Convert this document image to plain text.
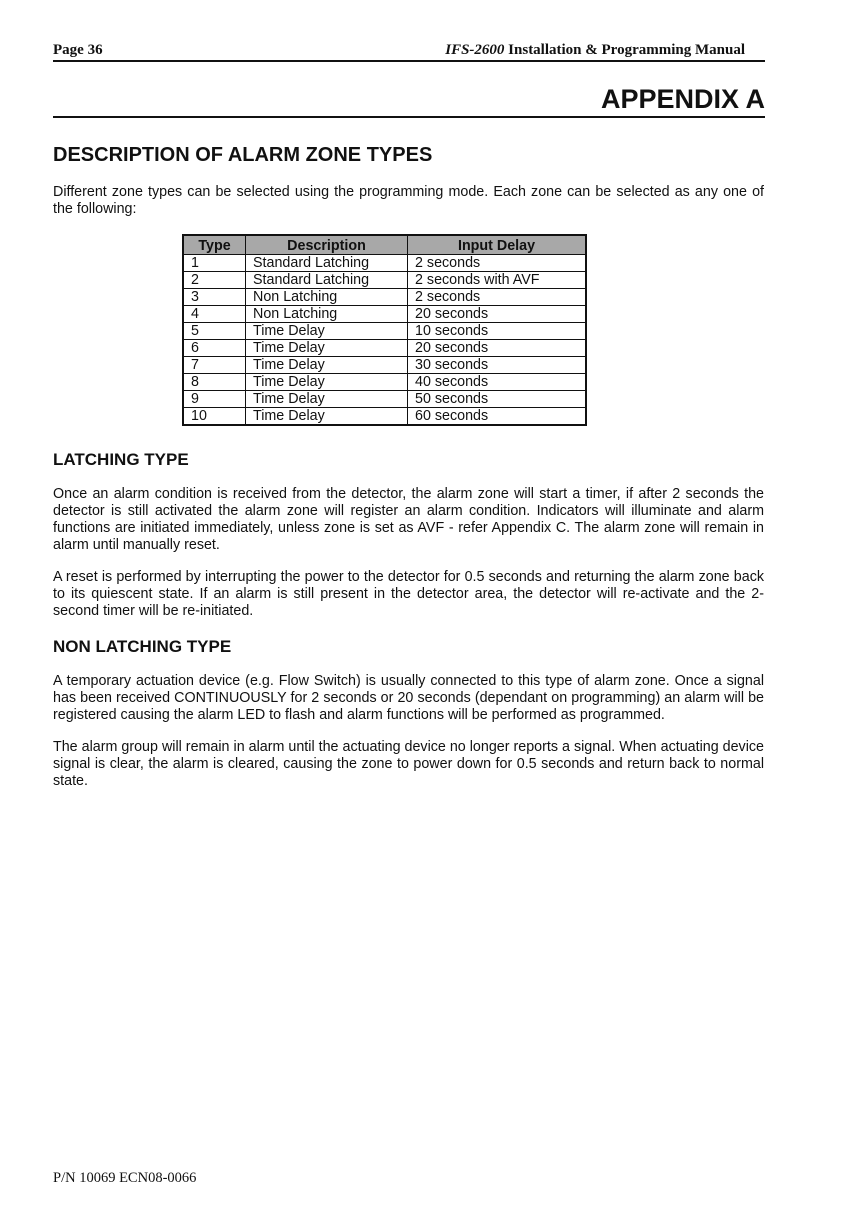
Page 36	IFS-2600 Installation & Programming Manual
APPENDIX A
DESCRIPTION OF ALARM ZONE TYPES

Different zone types can be selected using the programming mode. Each zone can be selected as any one of the following:

Type	Description	Input Delay
1	Standard Latching	2 seconds
2	Standard Latching	2 seconds with AVF
3	Non Latching	2 seconds
4	Non Latching	20 seconds
5	Time Delay	10 seconds
6	Time Delay	20 seconds
7	Time Delay	30 seconds
8	Time Delay	40 seconds
9	Time Delay	50 seconds
10	Time Delay	60 seconds
LATCHING TYPE

Once an alarm condition is received from the detector, the alarm zone will start a timer, if after 2 seconds the detector is still activated the alarm zone will register an alarm condition. Indicators will illuminate and alarm functions are initiated immediately, unless zone is set as AVF - refer Appendix C. The alarm zone will remain in alarm until manually reset.

A reset is performed by interrupting the power to the detector for 0.5 seconds and returning the alarm zone back to its quiescent state. If an alarm is still present in the detector area, the detector will re-activate and the 2-second timer will be re-initiated.

NON LATCHING TYPE

A temporary actuation device (e.g. Flow Switch) is usually connected to this type of alarm zone. Once a signal has been received CONTINUOUSLY for 2 seconds or 20 seconds (dependant on programming) an alarm will be registered causing the alarm LED to flash and alarm functions will be performed as programmed.

The alarm group will remain in alarm until the actuating device no longer reports a signal. When actuating device signal is clear, the alarm is cleared, causing the zone to power down for 0.5 seconds and return back to normal state.

P/N 10069 ECN08-0066
